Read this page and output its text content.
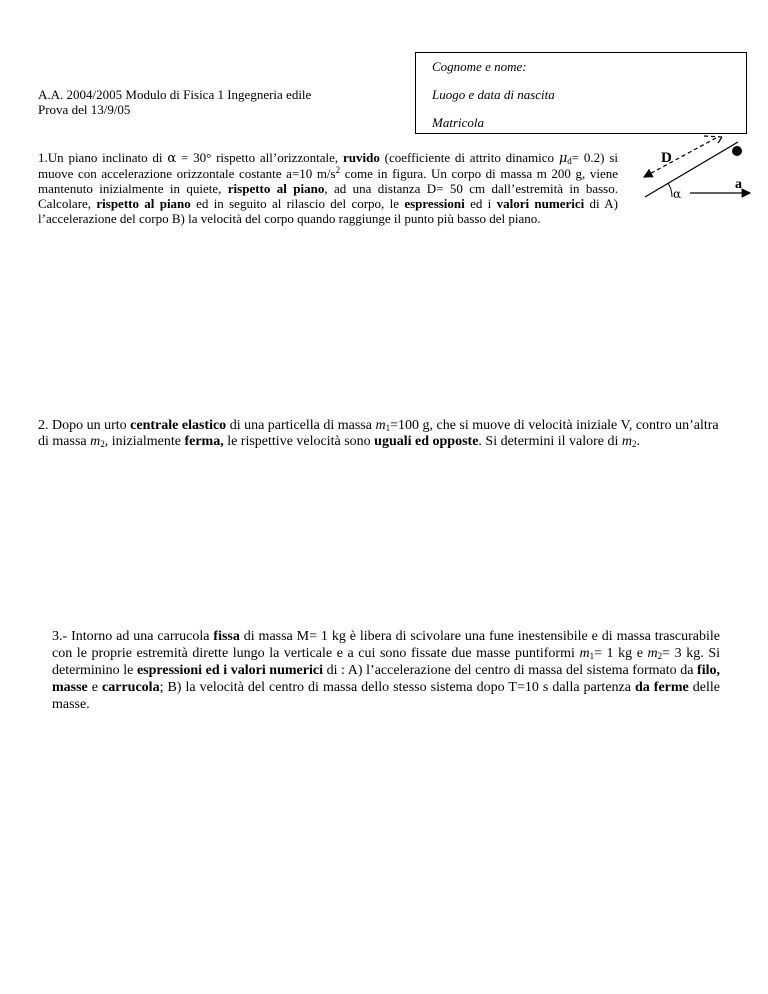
Cognome e nome:
Luogo e data di nascita
Matricola
A.A. 2004/2005 Modulo di Fisica 1 Ingegneria edile
Prova del 13/9/05
1.Un piano inclinato di α = 30° rispetto all’orizzontale, ruvido (coefficiente di attrito dinamico $\mu_d= 0.2$) si muove con accelerazione orizzontale costante a=10 $m/s^2$ come in figura. Un corpo di massa m 200 g, viene mantenuto inizialmente in quiete, rispetto al piano, ad una distanza D= 50 cm dall’estremità in basso. Calcolare, rispetto al piano ed in seguito al rilascio del corpo, le espressioni ed i valori numerici di A) l’accelerazione del corpo B) la velocità del corpo quando raggiunge il punto più basso del piano.
D
a
α
2. Dopo un urto centrale elastico di una particella di massa $m_1=100$ g, che si muove di velocità iniziale V, contro un’altra di massa $m_2$, inizialmente ferma, le rispettive velocità sono uguali ed opposte. Si determini il valore di $m_2$.
3.- Intorno ad una carrucola fissa di massa M= 1 kg è libera di scivolare una fune inestensibile e di massa trascurabile con le proprie estremità dirette lungo la verticale e a cui sono fissate due masse puntiformi $m_1= 1$ kg e $m_2= 3$ kg. Si determinino le espressioni ed i valori numerici di : A) l’accelerazione del centro di massa del sistema formato da filo, masse e carrucola; B) la velocità del centro di massa dello stesso sistema dopo T=10 s dalla partenza da ferme delle masse.
